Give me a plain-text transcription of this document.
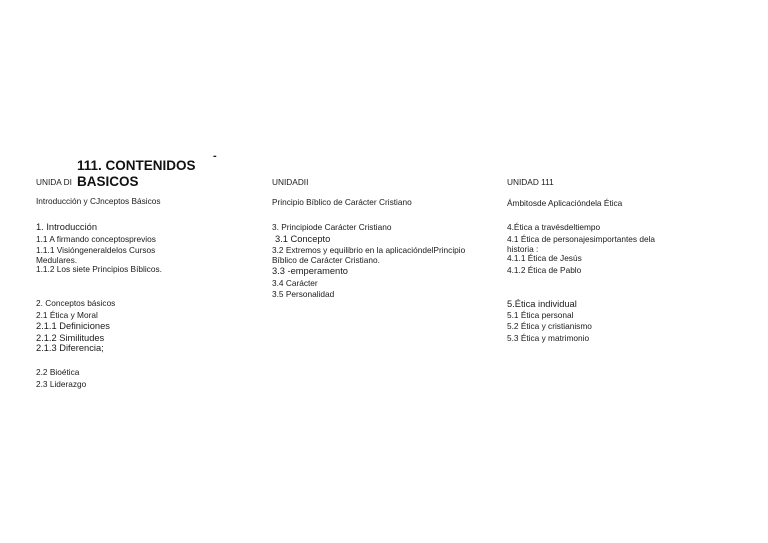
-
111. CONTENIDOS BASICOS
UNIDA DI
Introducción y CJnceptos Básicos
1. Introducción
1.1 A firmando conceptosprevios
1.1.1 Visióngeneraldelos Cursos Medulares.
1.1.2 Los siete Principios Bíblicos.
2. Conceptos básicos
2.1 Ética y Moral
2.1.1 Definiciones
2.1.2 Similitudes
2.1.3 Diferencia;
2.2 Bioética
2.3 Liderazgo
UNIDADII
Principio Bíblico de Carácter Cristiano
3. Principiode Carácter Cristiano
3.1 Concepto
3.2 Extremos y equilibrio en la aplicacióndelPrincipio Bíblico de Carácter Cristiano.
3.3 -emperamento
3.4 Carácter
3.5 Personalidad
UNIDAD 111
Ámbitosde Aplicacióndela Ética
4.Ética a travésdeltiempo
4.1 Ética de personajesimportantes dela historia :
4.1.1 Ética de Jesús
4.1.2 Ética de Pablo
5.Ética individual
5.1 Ética personal
5.2 Ética y cristianismo
5.3 Ética y matrimonio
